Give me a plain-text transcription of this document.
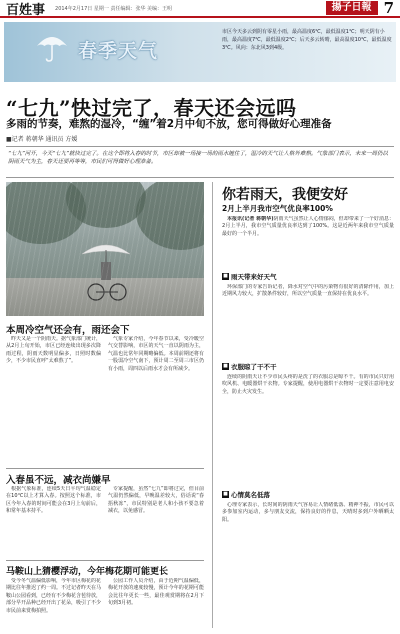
百姓事 2014年2月17日 星期一 责任编辑：张华 美编：王明	揚子日報 7
春季天气
市区今天多云到阴有零星小雨，最高温度6℃，最低温度1℃；明天阴有小雨，最高温度7℃，最低温度2℃；后天多云转晴，最高温度10℃，最低温度3℃。风向：东北风3到4级。
“七九”快过完了，春天还会远吗
多雨的节奏，难熬的湿冷，“缠”着2月中旬不放，您可得做好心理准备
■记者 蒋朝华 通讯员 方媛
“七九”河开，今天“七九”就快过完了。在这个即将入春的时节，市区却被一场接一场的雨水缠住了，湿冷的天气让人格外难熬。气象部门表示，未来一周仍以阴雨天气为主，春天还要再等等，市民们可得做好心理准备。
你若雨天，我便安好
2月上半月我市空气优良率100%

本报讯(记者 蒋朝华)阴雨天气虽然让人心情郁闷，但却带来了一个好消息：2月上半月，我市空气质量优良率达到了100%。这是近两年来我市空气质量最好的一个半月。

■ 雨天带来好天气

环保部门的专家告诉记者，降水对空气中的污染物有很好的清除作用，加上近期风力较大，扩散条件较好，所以空气质量一直保持在优良水平。

本周冷空气还会有，雨还会下

昨天又是一个阴雨天。据气象部门统计，从2月上旬开始，市区已经连续出现多次降雨过程，阴雨天数明显偏多，日照时数偏少，不少市民直呼“太难熬了”。

气象专家介绍，今年春节以来，受冷暖空气交替影响，市区的天气一直以阴雨为主，气温也比常年同期略偏低。本周前期还将有一股弱冷空气南下，预计周二至周三市区仍有小雨，周四以后雨水才会有所减少。	■ 衣服晾了干不干

连续的阴雨天让不少市民头疼的是洗了的衣服总是晾不干。有的市民只好用吹风机、电暖器烘干衣物。专家提醒，使用电器烘干衣物时一定要注意用电安全，防止火灾发生。

■ 心情莫名低落

心理专家表示，长时间的阴雨天气容易让人情绪低落、精神不振，市民可以多参加室内运动，多与朋友交流，保持良好的作息，天晴时多到户外晒晒太阳。

入春虽不远，减衣尚嫌早

根据气象标准，连续5天日平均气温稳定在10℃以上才算入春。按照这个标准，市区今年入春的时间可能会在3月上旬前后，和常年基本持平。

专家提醒，虽然“七九”即将过完，但目前气温仍然偏低，早晚温差较大，俗话说“春捂秋冻”，市民特别是老人和小孩不要急着减衣，以免感冒。

马鞍山上猜樱浮动，今年梅花期可能更长

受今冬气温偏低影响，今年市区梅花的花期比往年推迟了约一周。不过记者昨天在马鞍山公园看到，已经有不少梅花含苞待放，部分早开品种已经开出了花朵，吸引了不少市民前来赏梅拍照。

公园工作人员介绍，由于近期气温偏低，梅花开放的速度较慢，预计今年的花期可能会比往年更长一些，最佳观赏期将在2月下旬到3月初。
